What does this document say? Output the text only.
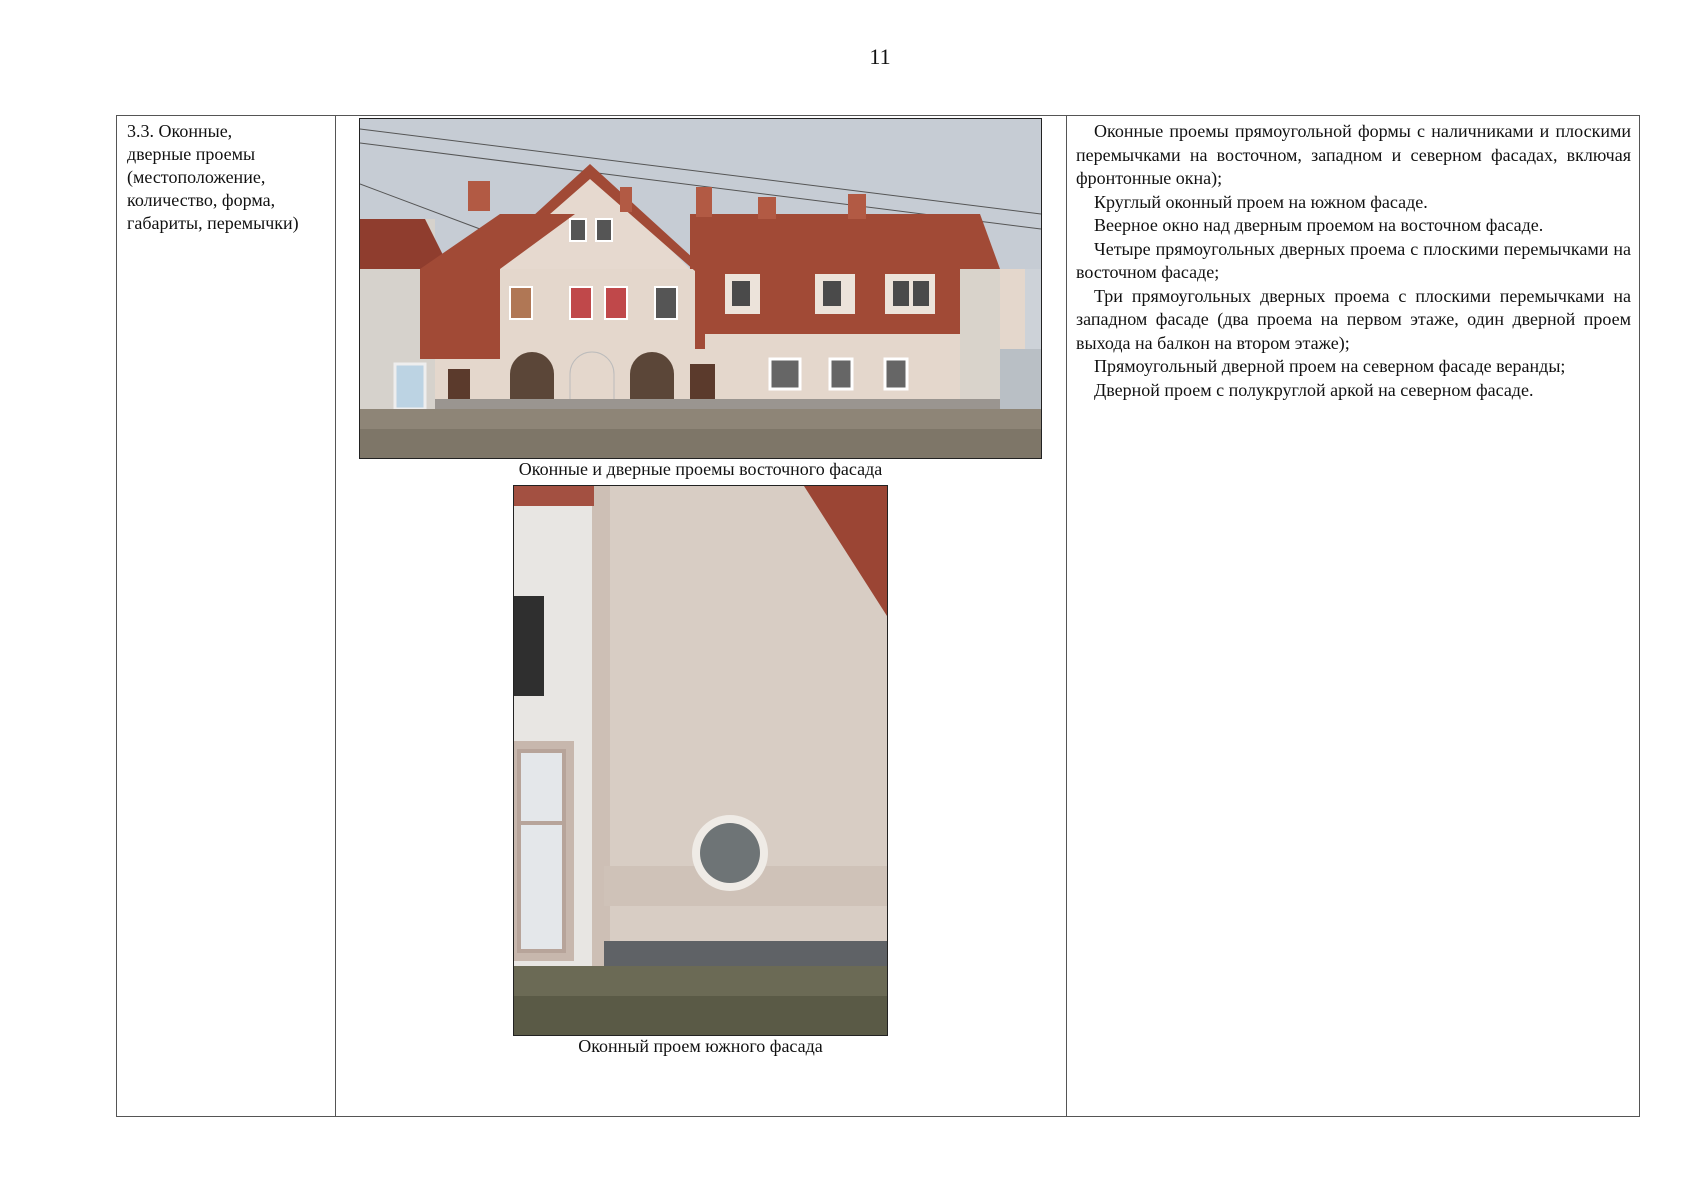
11
3.3. Оконные,
дверные проемы
(местоположение,
количество, форма,
габариты, перемычки)
Оконные и дверные проемы восточного фасада
Оконный проем южного фасада

Оконные проемы прямоугольной формы с наличниками и плоскими перемычками на восточном, западном и северном фасадах, включая фронтонные окна);

Круглый оконный проем на южном фасаде.

Веерное окно над дверным проемом на восточном фасаде.

Четыре прямоугольных дверных проема с плоскими перемычками на восточном фасаде;

Три прямоугольных дверных проема с плоскими перемычками на западном фасаде (два проема на первом этаже, один дверной проем выхода на балкон на втором этаже);

Прямоугольный дверной проем на северном фасаде веранды;

Дверной проем с полукруглой аркой на северном фасаде.
